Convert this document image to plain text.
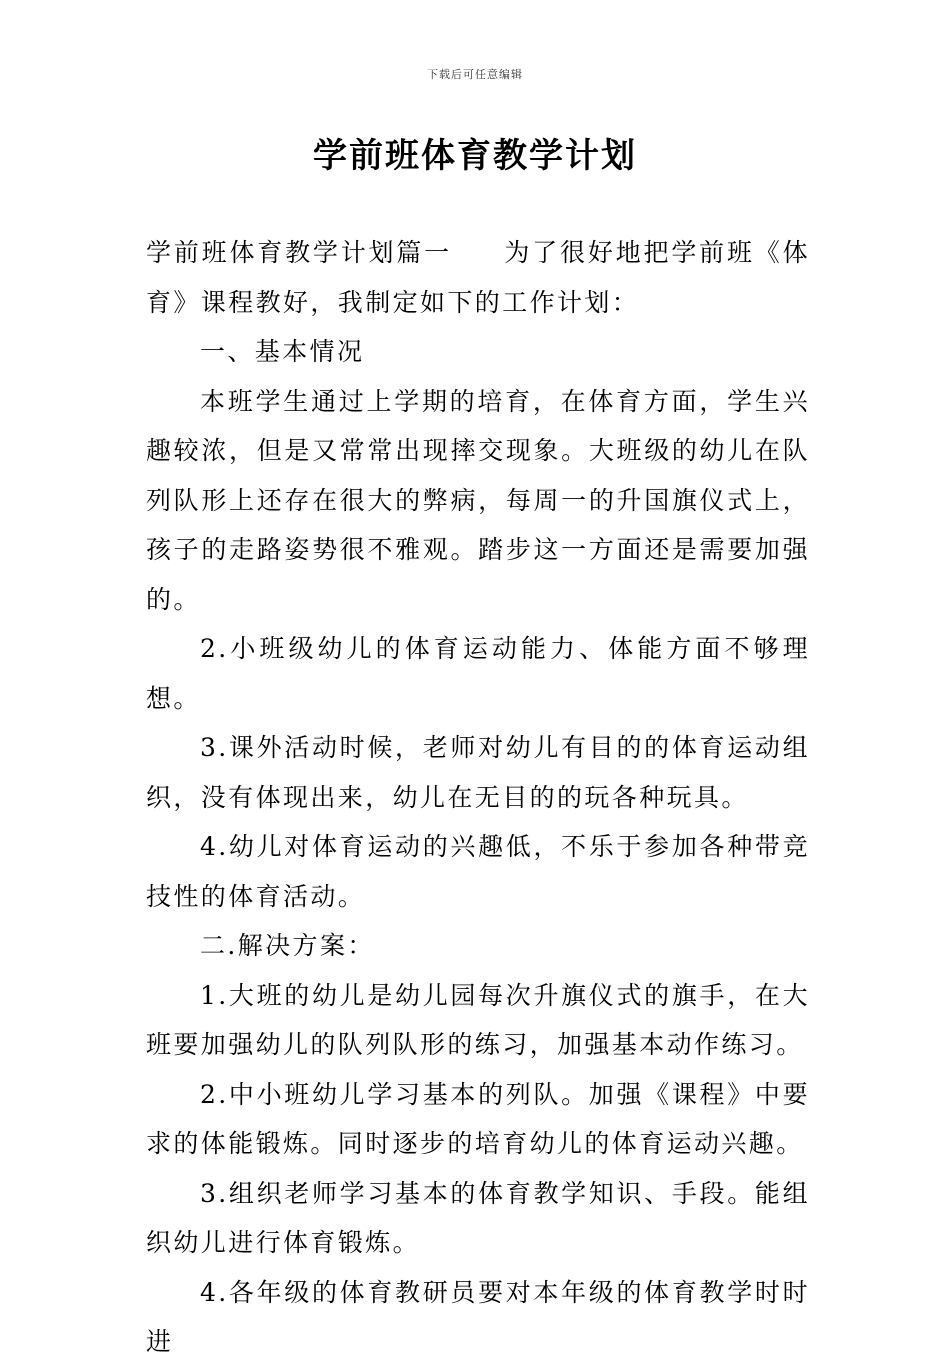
下载后可任意编辑
学前班体育教学计划

学前班体育教学计划篇一 为了很好地把学前班《体育》课程教好，我制定如下的工作计划：

一、基本情况

本班学生通过上学期的培育，在体育方面，学生兴趣较浓，但是又常常出现摔交现象。大班级的幼儿在队列队形上还存在很大的弊病，每周一的升国旗仪式上，孩子的走路姿势很不雅观。踏步这一方面还是需要加强的。

2.小班级幼儿的体育运动能力、体能方面不够理想。

3.课外活动时候，老师对幼儿有目的的体育运动组织，没有体现出来，幼儿在无目的的玩各种玩具。

4.幼儿对体育运动的兴趣低，不乐于参加各种带竞技性的体育活动。

二.解决方案：

1.大班的幼儿是幼儿园每次升旗仪式的旗手，在大班要加强幼儿的队列队形的练习，加强基本动作练习。

2.中小班幼儿学习基本的列队。加强《课程》中要求的体能锻炼。同时逐步的培育幼儿的体育运动兴趣。

3.组织老师学习基本的体育教学知识、手段。能组织幼儿进行体育锻炼。

4.各年级的体育教研员要对本年级的体育教学时时进
